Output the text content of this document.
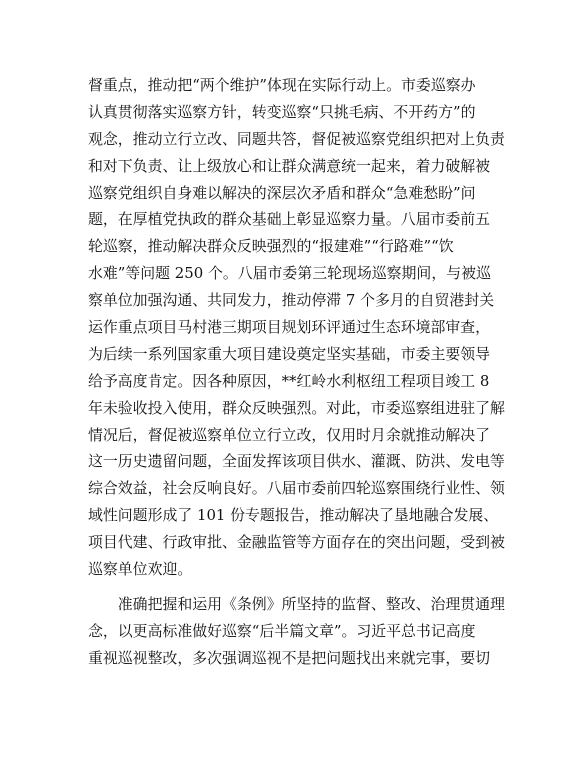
督重点，推动把“两个维护”体现在实际行动上。市委巡察办
认真贯彻落实巡察方针，转变巡察“只挑毛病、不开药方”的
观念，推动立行立改、同题共答，督促被巡察党组织把对上负责
和对下负责、让上级放心和让群众满意统一起来，着力破解被
巡察党组织自身难以解决的深层次矛盾和群众“急难愁盼”问
题，在厚植党执政的群众基础上彰显巡察力量。八届市委前五
轮巡察，推动解决群众反映强烈的“报建难”“行路难”“饮
水难”等问题 250 个。八届市委第三轮现场巡察期间，与被巡
察单位加强沟通、共同发力，推动停滞 7 个多月的自贸港封关
运作重点项目马村港三期项目规划环评通过生态环境部审查，
为后续一系列国家重大项目建设奠定坚实基础，市委主要领导
给予高度肯定。因各种原因，**红岭水利枢纽工程项目竣工 8
年未验收投入使用，群众反映强烈。对此，市委巡察组进驻了解
情况后，督促被巡察单位立行立改，仅用时月余就推动解决了
这一历史遗留问题，全面发挥该项目供水、灌溉、防洪、发电等
综合效益，社会反响良好。八届市委前四轮巡察围绕行业性、领
域性问题形成了 101 份专题报告，推动解决了垦地融合发展、
项目代建、行政审批、金融监管等方面存在的突出问题，受到被
巡察单位欢迎。
　　准确把握和运用《条例》所坚持的监督、整改、治理贯通理
念，以更高标准做好巡察“后半篇文章”。习近平总书记高度
重视巡视整改，多次强调巡视不是把问题找出来就完事，要切
